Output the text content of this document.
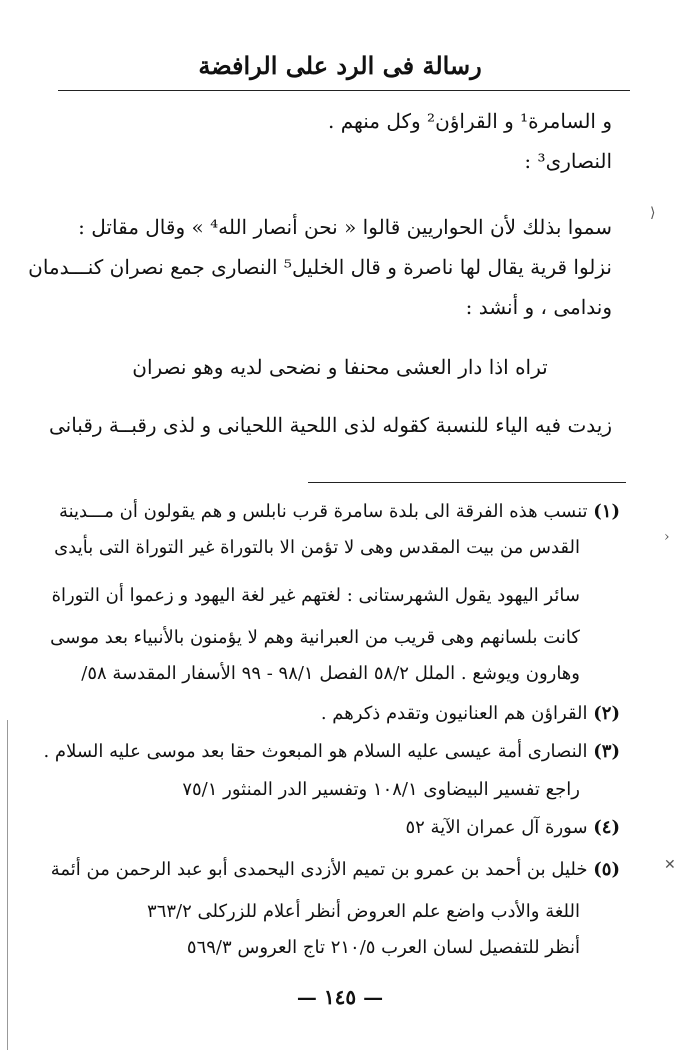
رسالة فى الرد على الرافضة
و السامرة¹ و القراؤن² وكل منهم .
النصارى³ :
سموا بذلك لأن الحواريين قالوا « نحن أنصار الله⁴ » وقال مقاتل :
نزلوا قرية يقال لها ناصرة و قال الخليل⁵ النصارى جمع نصران كنـــدمان
وندامى ، و أنشد :
تراه اذا دار العشى محنفا و نضحى لديه وهو نصران
زيدت فيه الياء للنسبة كقوله لذى اللحية اللحيانى و لذى رقبــة رقبانى
(١) تنسب هذه الفرقة الى بلدة سامرة قرب نابلس و هم يقولون أن مـــدينة
القدس من بيت المقدس وهى لا تؤمن الا بالتوراة غير التوراة التى بأيدى
سائر اليهود يقول الشهرستانى : لغتهم غير لغة اليهود و زعموا أن التوراة
كانت بلسانهم وهى قريب من العبرانية وهم لا يؤمنون بالأنبياء بعد موسى
وهارون ويوشع . الملل ٥٨/٢ الفصل ٩٨/١ - ٩٩ الأسفار المقدسة ٥٨/
(٢) القراؤن هم العنانيون وتقدم ذكرهم .
(٣) النصارى أمة عيسى عليه السلام هو المبعوث حقا بعد موسى عليه السلام .
راجع تفسير البيضاوى ١٠٨/١ وتفسير الدر المنثور ٧٥/١
(٤) سورة آل عمران الآية ٥٢
(٥) خليل بن أحمد بن عمرو بن تميم الأزدى اليحمدى أبو عبد الرحمن من أئمة
اللغة والأدب واضع علم العروض أنظر أعلام للزركلى ٣٦٣/٢
أنظر للتفصيل لسان العرب ٢١٠/٥ تاج العروس ٥٦٩/٣
— ١٤٥ —
⟩
›
✕
